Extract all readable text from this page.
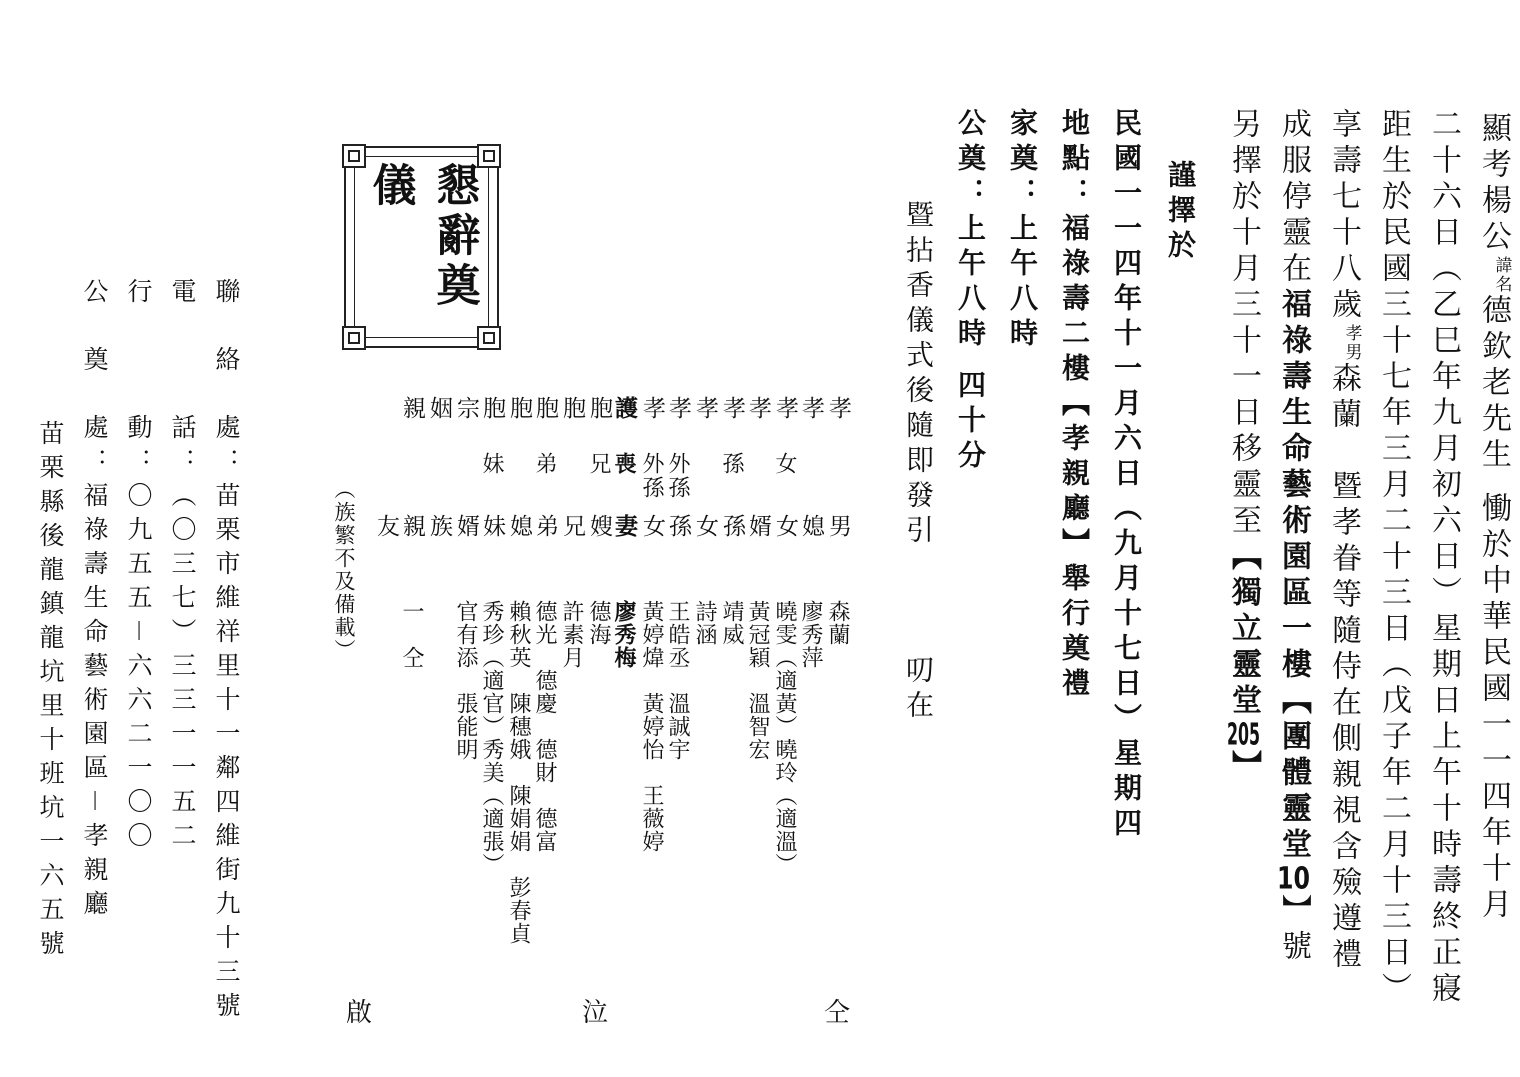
顯考楊公諱名德欽老先生慟於中華民國一一四年十月
二十六日（乙巳年九月初六日）星期日上午十時壽終正寢
距生於民國三十七年三月二十三日（戊子年二月十三日）
享壽七十八歲孝男森蘭　暨孝眷等隨侍在側親視含殮遵禮
成服停靈在福祿壽生命藝術園區一樓【團體靈堂10】號
另擇於十月三十一日移靈至【獨立靈堂205】
謹擇於
民國一一四年十一月六日（九月十七日）星期四
地點：福祿壽二樓【孝親廳】舉行奠禮
家奠：上午八時
公奠：上午八時 四十分
暨拈香儀式後隨即發引
叨在
懇辭奠儀
孝
男
森蘭
孝
媳
廖秀萍
孝
女
女
曉雯（適黃）曉玲（適溫）
孝
婿
黃冠穎　溫智宏
孝
孫
孫
靖威
孝
女
詩涵
孝
外孫
孫
王皓丞　溫誠宇
孝
外孫
女
黃婷煒　黃婷怡　王薇婷
護
喪
妻
廖秀梅
胞
兄
嫂
德海
胞
兄
許素月
胞
弟
弟
德光　德慶　德財　德富
胞
媳
賴秋英　陳穗娥　陳娟娟　彭春貞
胞
妹
妹
秀珍（適官）秀美（適張）
宗
婿
官有添　張能明
姻
族
親
親
一　仝
友
（族繁不及備載）
仝
泣
啟
聯　絡　處：苗栗市維祥里十一鄰四維街九十三號
電　　　話：（〇三七）三三一一五二
行　　　動：〇九五五－六六二一〇〇
公　奠　處：福祿壽生命藝術園區－孝親廳
苗栗縣後龍鎮龍坑里十班坑一六五號
